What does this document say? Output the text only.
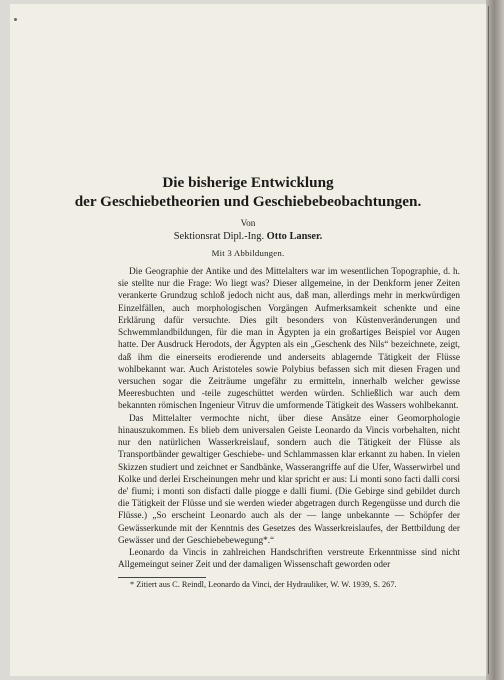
Die bisherige Entwicklung
der Geschiebetheorien und Geschiebebeobachtungen.
Von
Sektionsrat Dipl.-Ing. Otto Lanser.
Mit 3 Abbildungen.

Die Geographie der Antike und des Mittelalters war im wesentlichen Topographie, d. h. sie stellte nur die Frage: Wo liegt was? Dieser allgemeine, in der Denkform jener Zeiten verankerte Grundzug schloß jedoch nicht aus, daß man, allerdings mehr in merkwürdigen Einzelfällen, auch morphologischen Vorgängen Aufmerksamkeit schenkte und eine Erklärung dafür versuchte. Dies gilt besonders von Küstenveränderungen und Schwemmlandbildungen, für die man in Ägypten ja ein großartiges Beispiel vor Augen hatte. Der Ausdruck Herodots, der Ägypten als ein „Geschenk des Nils“ bezeichnete, zeigt, daß ihm die einerseits erodierende und anderseits ablagernde Tätigkeit der Flüsse wohlbekannt war. Auch Aristoteles sowie Polybius befassen sich mit diesen Fragen und versuchen sogar die Zeiträume ungefähr zu ermitteln, innerhalb welcher gewisse Meeresbuchten und -teile zugeschüttet werden würden. Schließlich war auch dem bekannten römischen Ingenieur Vitruv die umformende Tätigkeit des Wassers wohlbekannt.

Das Mittelalter vermochte nicht, über diese Ansätze einer Geomorphologie hinauszukommen. Es blieb dem universalen Geiste Leonardo da Vincis vorbehalten, nicht nur den natürlichen Wasserkreislauf, sondern auch die Tätigkeit der Flüsse als Transportbänder gewaltiger Geschiebe- und Schlammassen klar erkannt zu haben. In vielen Skizzen studiert und zeichnet er Sandbänke, Wasserangriffe auf die Ufer, Wasserwirbel und Kolke und derlei Erscheinungen mehr und klar spricht er aus: Li monti sono facti dalli corsi de' fiumi; i monti son disfacti dalle piogge e dalli fiumi. (Die Gebirge sind gebildet durch die Tätigkeit der Flüsse und sie werden wieder abgetragen durch Regengüsse und durch die Flüsse.) „So erscheint Leonardo auch als der — lange unbekannte — Schöpfer der Gewässerkunde mit der Kenntnis des Gesetzes des Wasserkreislaufes, der Bettbildung der Gewässer und der Geschiebebewegung*.“

Leonardo da Vincis in zahlreichen Handschriften verstreute Erkenntnisse sind nicht Allgemeingut seiner Zeit und der damaligen Wissenschaft geworden oder

* Zitiert aus C. Reindl, Leonardo da Vinci, der Hydrauliker, W. W. 1939, S. 267.
